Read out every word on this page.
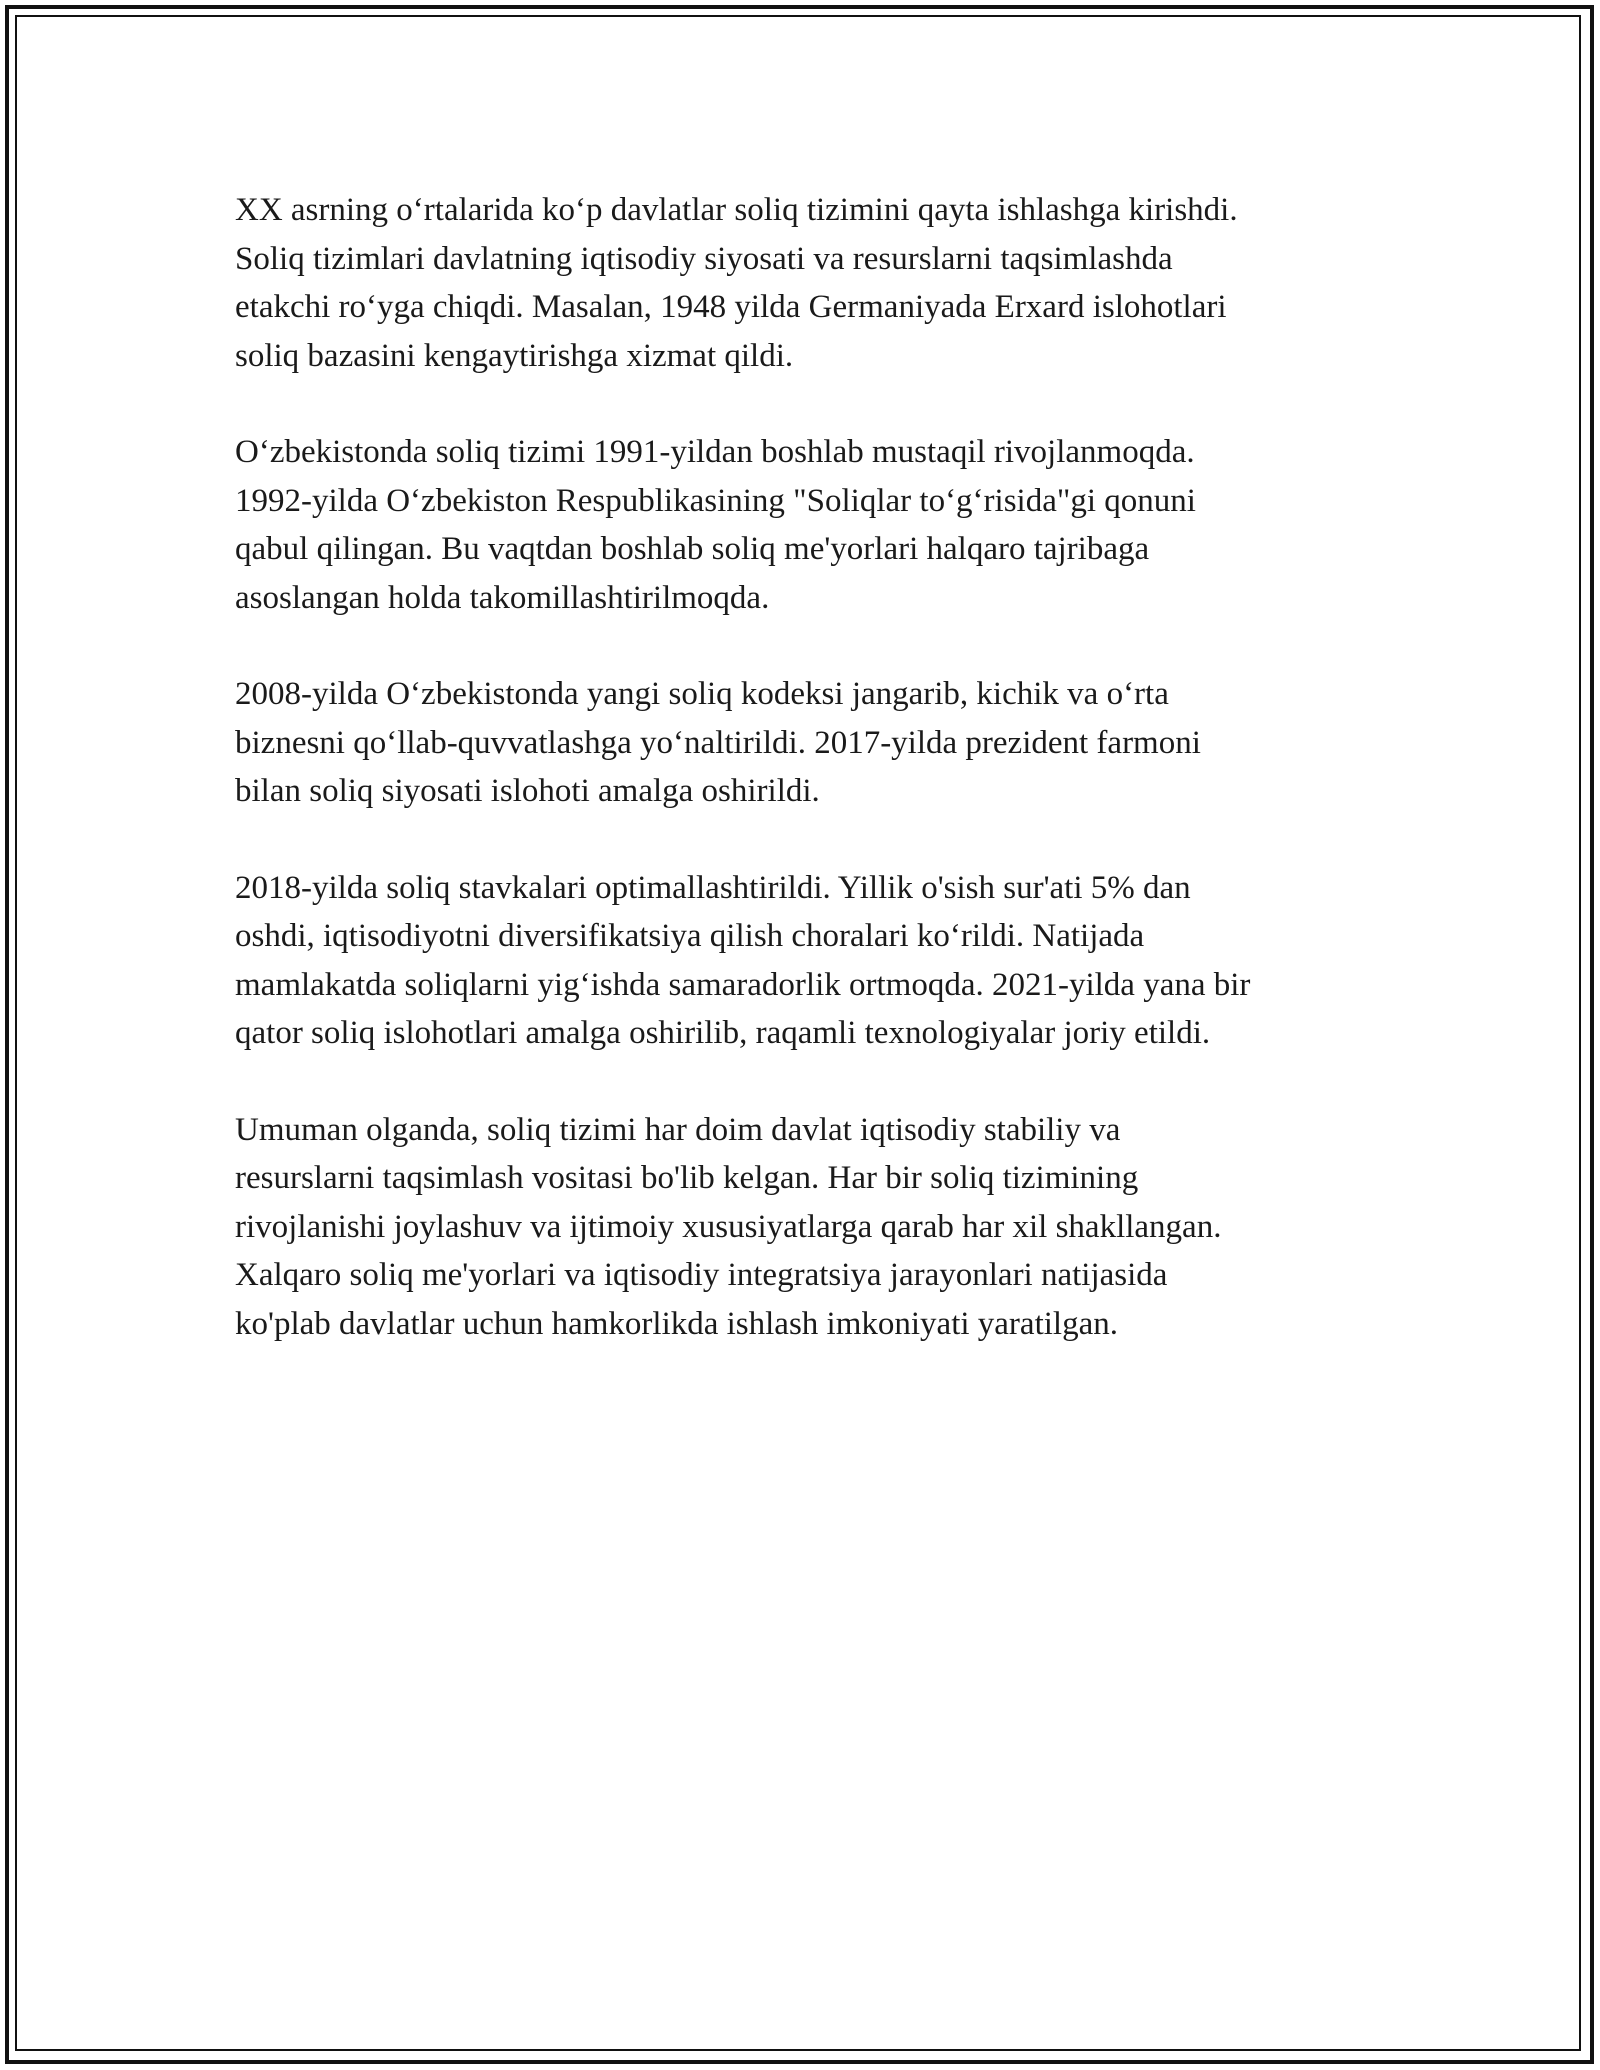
XX asrning o‘rtalarida ko‘p davlatlar soliq tizimini qayta ishlashga kirishdi.
Soliq tizimlari davlatning iqtisodiy siyosati va resurslarni taqsimlashda
etakchi ro‘yga chiqdi. Masalan, 1948 yilda Germaniyada Erxard islohotlari
soliq bazasini kengaytirishga xizmat qildi.

O‘zbekistonda soliq tizimi 1991-yildan boshlab mustaqil rivojlanmoqda.
1992-yilda O‘zbekiston Respublikasining "Soliqlar to‘g‘risida"gi qonuni
qabul qilingan. Bu vaqtdan boshlab soliq me'yorlari halqaro tajribaga
asoslangan holda takomillashtirilmoqda.

2008-yilda O‘zbekistonda yangi soliq kodeksi jangarib, kichik va o‘rta
biznesni qo‘llab-quvvatlashga yo‘naltirildi. 2017-yilda prezident farmoni
bilan soliq siyosati islohoti amalga oshirildi.

2018-yilda soliq stavkalari optimallashtirildi. Yillik o'sish sur'ati 5% dan
oshdi, iqtisodiyotni diversifikatsiya qilish choralari ko‘rildi. Natijada
mamlakatda soliqlarni yig‘ishda samaradorlik ortmoqda. 2021-yilda yana bir
qator soliq islohotlari amalga oshirilib, raqamli texnologiyalar joriy etildi.

Umuman olganda, soliq tizimi har doim davlat iqtisodiy stabiliy va
resurslarni taqsimlash vositasi bo'lib kelgan. Har bir soliq tizimining
rivojlanishi joylashuv va ijtimoiy xususiyatlarga qarab har xil shakllangan.
Xalqaro soliq me'yorlari va iqtisodiy integratsiya jarayonlari natijasida
ko'plab davlatlar uchun hamkorlikda ishlash imkoniyati yaratilgan.
